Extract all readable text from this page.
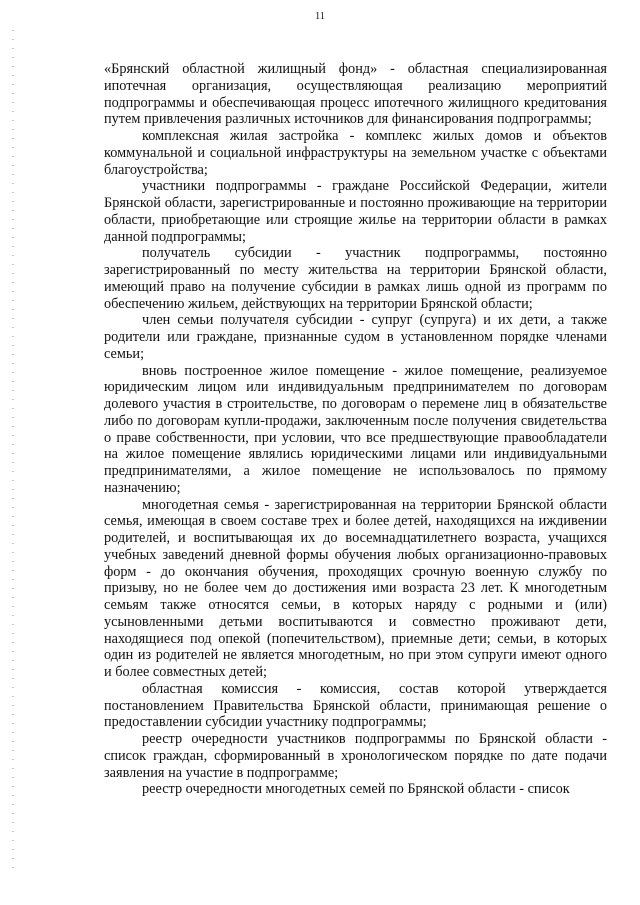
11

«Брянский областной жилищный фонд» - областная специализированная ипотечная организация, осуществляющая реализацию мероприятий подпрограммы и обеспечивающая процесс ипотечного жилищного кредитования путем привлечения различных источников для финансирования подпрограммы;

комплексная жилая застройка - комплекс жилых домов и объектов коммунальной и социальной инфраструктуры на земельном участке с объектами благоустройства;

участники подпрограммы - граждане Российской Федерации, жители Брянской области, зарегистрированные и постоянно проживающие на территории области, приобретающие или строящие жилье на территории области в рамках данной подпрограммы;

получатель субсидии - участник подпрограммы, постоянно зарегистрированный по месту жительства на территории Брянской области, имеющий право на получение субсидии в рамках лишь одной из программ по обеспечению жильем, действующих на территории Брянской области;

член семьи получателя субсидии - супруг (супруга) и их дети, а также родители или граждане, признанные судом в установленном порядке членами семьи;

вновь построенное жилое помещение - жилое помещение, реализуемое юридическим лицом или индивидуальным предпринимателем по договорам долевого участия в строительстве, по договорам о перемене лиц в обязательстве либо по договорам купли-продажи, заключенным после получения свидетельства о праве собственности, при условии, что все предшествующие правообладатели на жилое помещение являлись юридическими лицами или индивидуальными предпринимателями, а жилое помещение не использовалось по прямому назначению;

многодетная семья - зарегистрированная на территории Брянской области семья, имеющая в своем составе трех и более детей, находящихся на иждивении родителей, и воспитывающая их до восемнадцатилетнего возраста, учащихся учебных заведений дневной формы обучения любых организационно-правовых форм - до окончания обучения, проходящих срочную военную службу по призыву, но не более чем до достижения ими возраста 23 лет. К многодетным семьям также относятся семьи, в которых наряду с родными и (или) усыновленными детьми воспитываются и совместно проживают дети, находящиеся под опекой (попечительством), приемные дети; семьи, в которых один из родителей не является многодетным, но при этом супруги имеют одного и более совместных детей;

областная комиссия - комиссия, состав которой утверждается постановлением Правительства Брянской области, принимающая решение о предоставлении субсидии участнику подпрограммы;

реестр очередности участников подпрограммы по Брянской области - список граждан, сформированный в хронологическом порядке по дате подачи заявления на участие в подпрограмме;

реестр очередности многодетных семей по Брянской области - список
